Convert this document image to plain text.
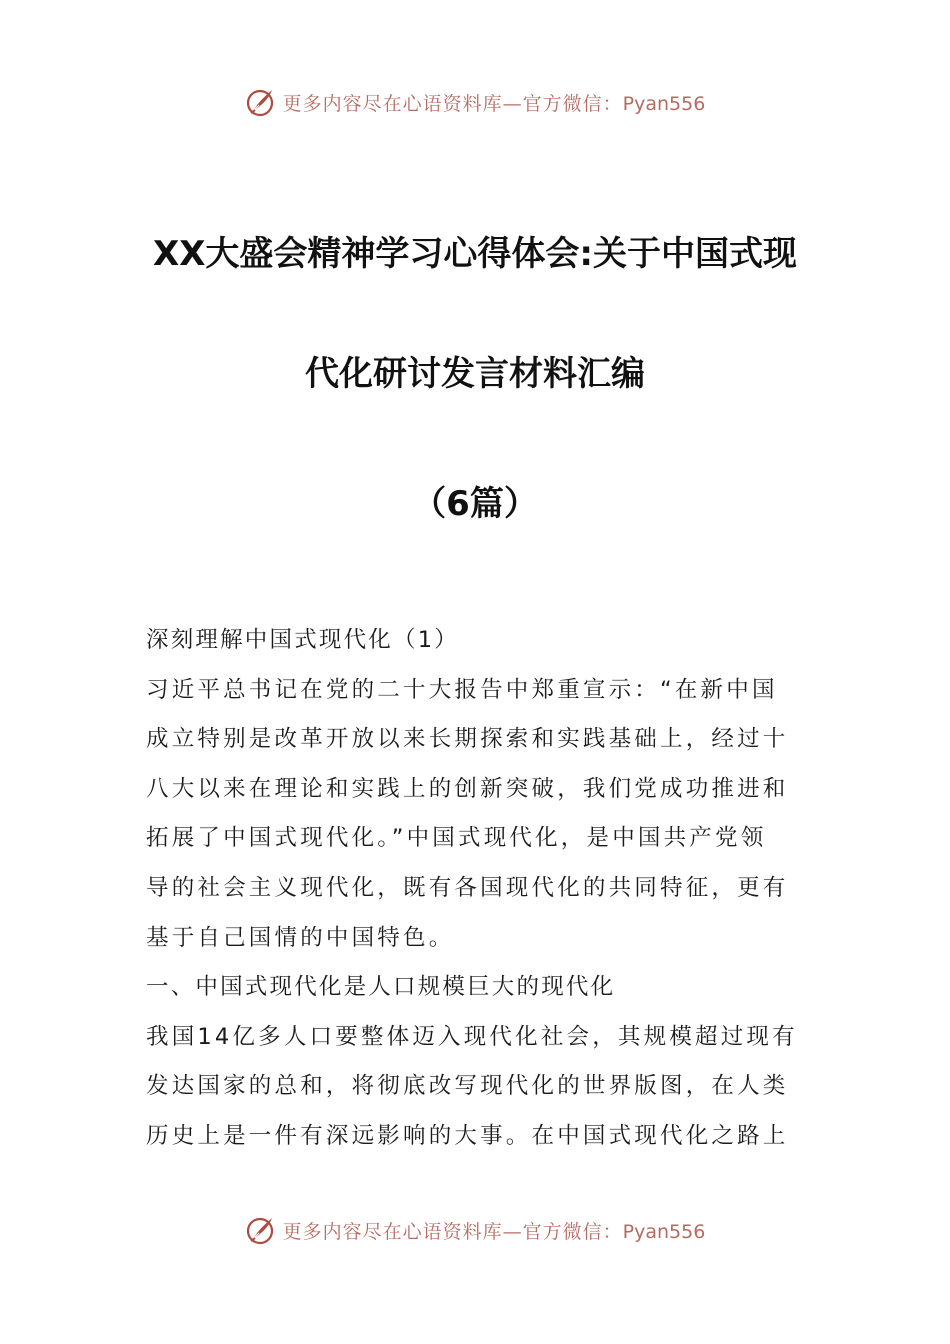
更多内容尽在心语资料库—官方微信：Pyan556
XX大盛会精神学习心得体会:关于中国式现
代化研讨发言材料汇编
（6篇）

深刻理解中国式现代化（1）

习近平总书记在党的二十大报告中郑重宣示：“在新中国

成立特别是改革开放以来长期探索和实践基础上，经过十

八大以来在理论和实践上的创新突破，我们党成功推进和

拓展了中国式现代化。”中国式现代化，是中国共产党领

导的社会主义现代化，既有各国现代化的共同特征，更有

基于自己国情的中国特色。

一、中国式现代化是人口规模巨大的现代化

我国14亿多人口要整体迈入现代化社会，其规模超过现有

发达国家的总和，将彻底改写现代化的世界版图，在人类

历史上是一件有深远影响的大事。在中国式现代化之路上

更多内容尽在心语资料库—官方微信：Pyan556
